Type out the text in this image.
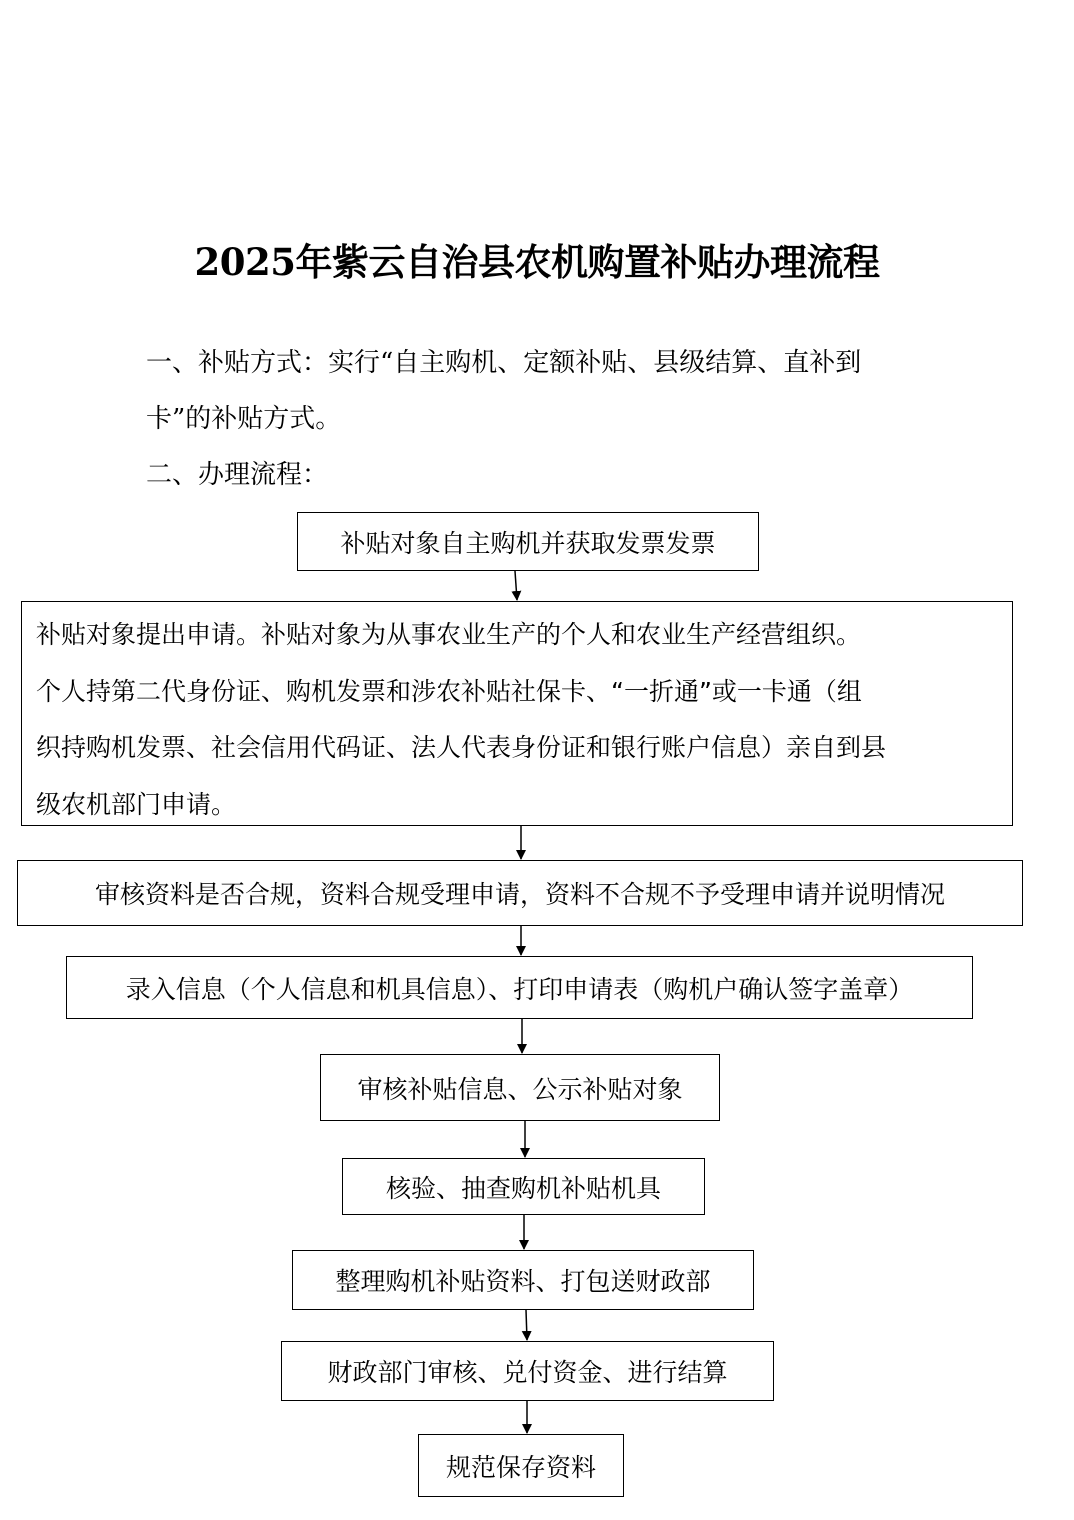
2025年紫云自治县农机购置补贴办理流程
一、补贴方式：实行“自主购机、定额补贴、县级结算、直补到
卡”的补贴方式。
二、办理流程：
补贴对象自主购机并获取发票发票
补贴对象提出申请。补贴对象为从事农业生产的个人和农业生产经营组织。
个人持第二代身份证、购机发票和涉农补贴社保卡、“一折通”或一卡通（组
织持购机发票、社会信用代码证、法人代表身份证和银行账户信息）亲自到县
级农机部门申请。
审核资料是否合规，资料合规受理申请，资料不合规不予受理申请并说明情况
录入信息（个人信息和机具信息）、打印申请表（购机户确认签字盖章）
审核补贴信息、公示补贴对象
核验、抽查购机补贴机具
整理购机补贴资料、打包送财政部
财政部门审核、兑付资金、进行结算
规范保存资料
